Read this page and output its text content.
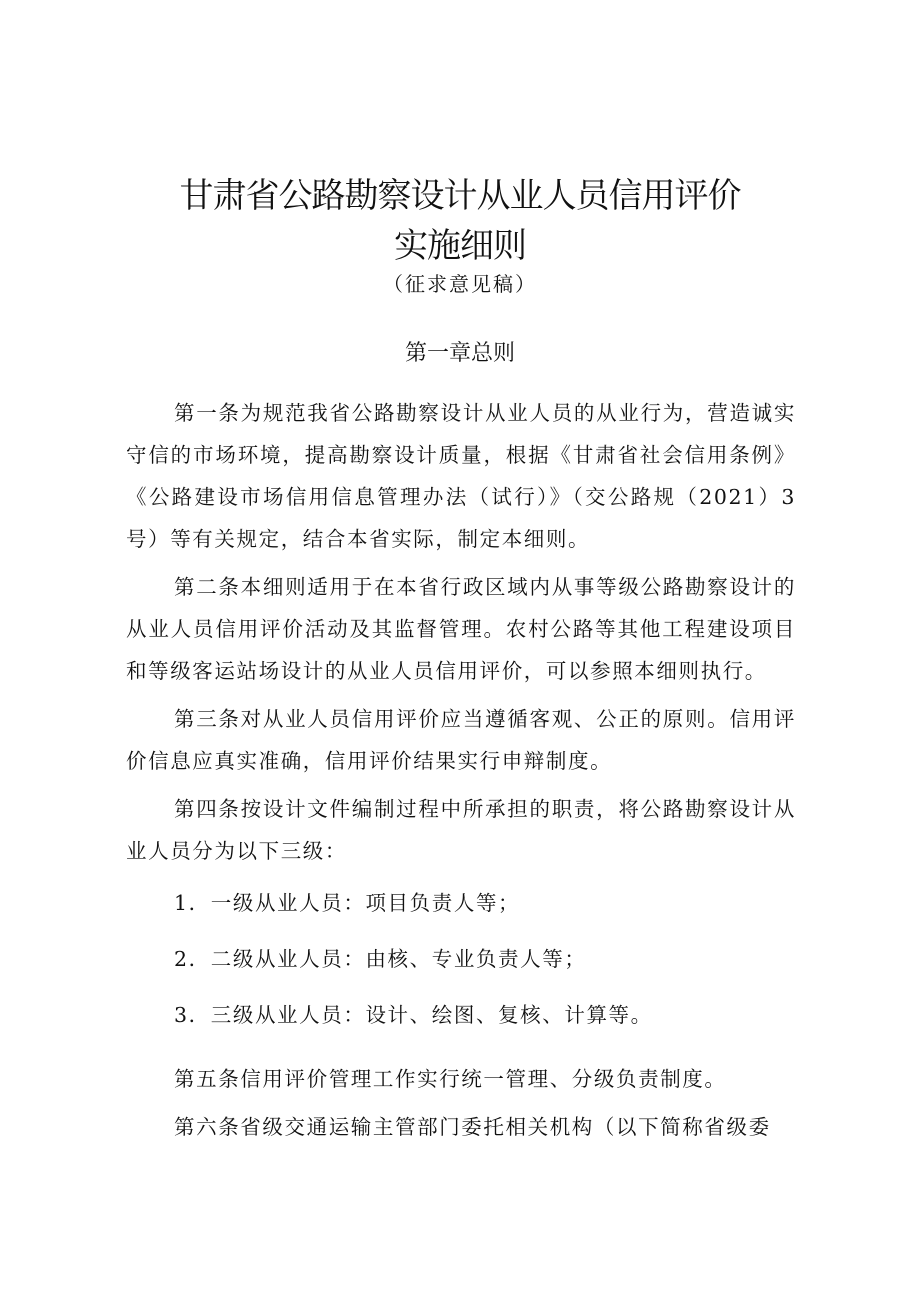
甘肃省公路勘察设计从业人员信用评价
实施细则
（征求意见稿）
第一章总则

第一条为规范我省公路勘察设计从业人员的从业行为，营造诚实守信的市场环境，提高勘察设计质量，根据《甘肃省社会信用条例》《公路建设市场信用信息管理办法（试行）》（交公路规（2021）3号）等有关规定，结合本省实际，制定本细则。

第二条本细则适用于在本省行政区域内从事等级公路勘察设计的从业人员信用评价活动及其监督管理。农村公路等其他工程建设项目和等级客运站场设计的从业人员信用评价，可以参照本细则执行。

第三条对从业人员信用评价应当遵循客观、公正的原则。信用评价信息应真实准确，信用评价结果实行申辩制度。

第四条按设计文件编制过程中所承担的职责，将公路勘察设计从业人员分为以下三级：

1．一级从业人员：项目负责人等；

2．二级从业人员：由核、专业负责人等；

3．三级从业人员：设计、绘图、复核、计算等。

第五条信用评价管理工作实行统一管理、分级负责制度。

第六条省级交通运输主管部门委托相关机构（以下简称省级委
